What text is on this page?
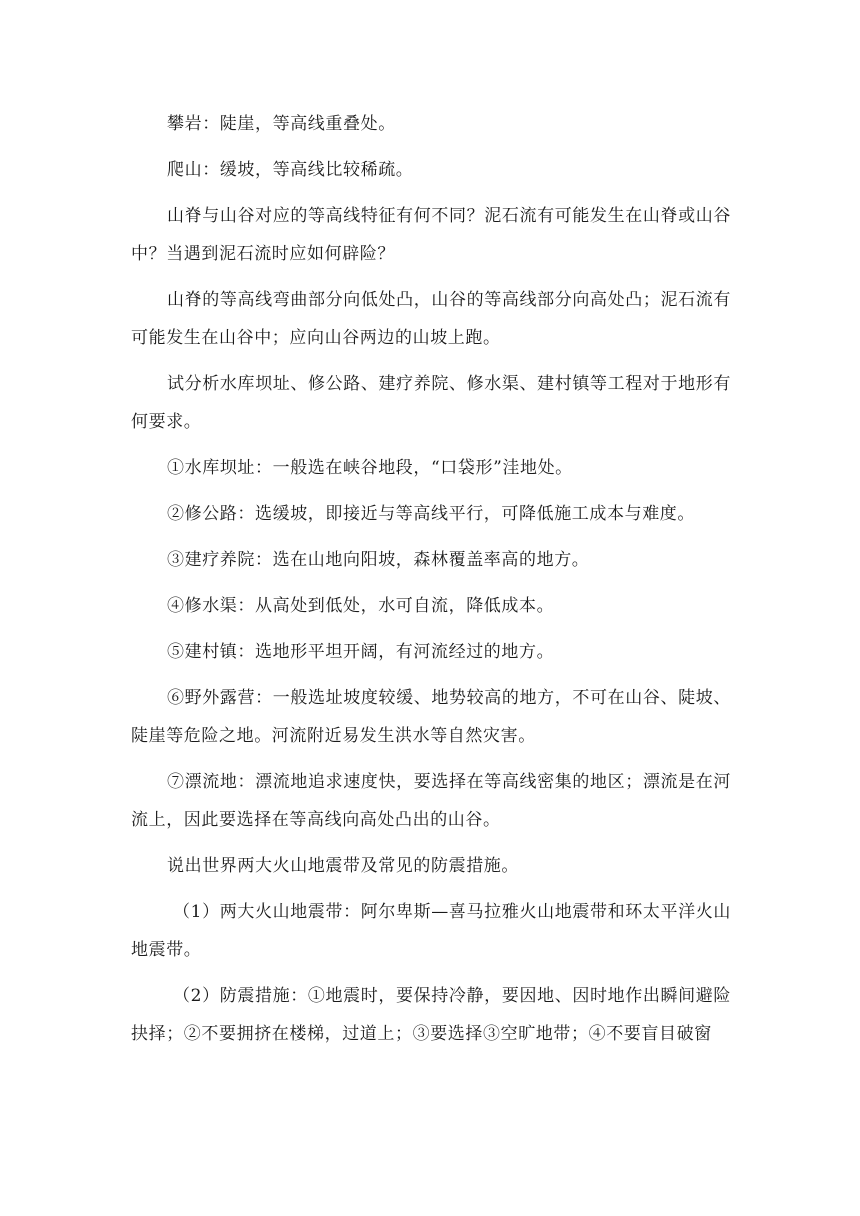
攀岩：陡崖，等高线重叠处。

爬山：缓坡，等高线比较稀疏。

山脊与山谷对应的等高线特征有何不同？泥石流有可能发生在山脊或山谷中？当遇到泥石流时应如何辟险？

山脊的等高线弯曲部分向低处凸，山谷的等高线部分向高处凸；泥石流有可能发生在山谷中；应向山谷两边的山坡上跑。

试分析水库坝址、修公路、建疗养院、修水渠、建村镇等工程对于地形有何要求。

①水库坝址：一般选在峡谷地段，“口袋形”洼地处。

②修公路：选缓坡，即接近与等高线平行，可降低施工成本与难度。

③建疗养院：选在山地向阳坡，森林覆盖率高的地方。

④修水渠：从高处到低处，水可自流，降低成本。

⑤建村镇：选地形平坦开阔，有河流经过的地方。

⑥野外露营：一般选址坡度较缓、地势较高的地方，不可在山谷、陡坡、陡崖等危险之地。河流附近易发生洪水等自然灾害。

⑦漂流地：漂流地追求速度快，要选择在等高线密集的地区；漂流是在河流上，因此要选择在等高线向高处凸出的山谷。

说出世界两大火山地震带及常见的防震措施。

（1）两大火山地震带：阿尔卑斯—喜马拉雅火山地震带和环太平洋火山地震带。

（2）防震措施：①地震时，要保持冷静，要因地、因时地作出瞬间避险抉择；②不要拥挤在楼梯，过道上；③要选择③空旷地带；④不要盲目破窗
